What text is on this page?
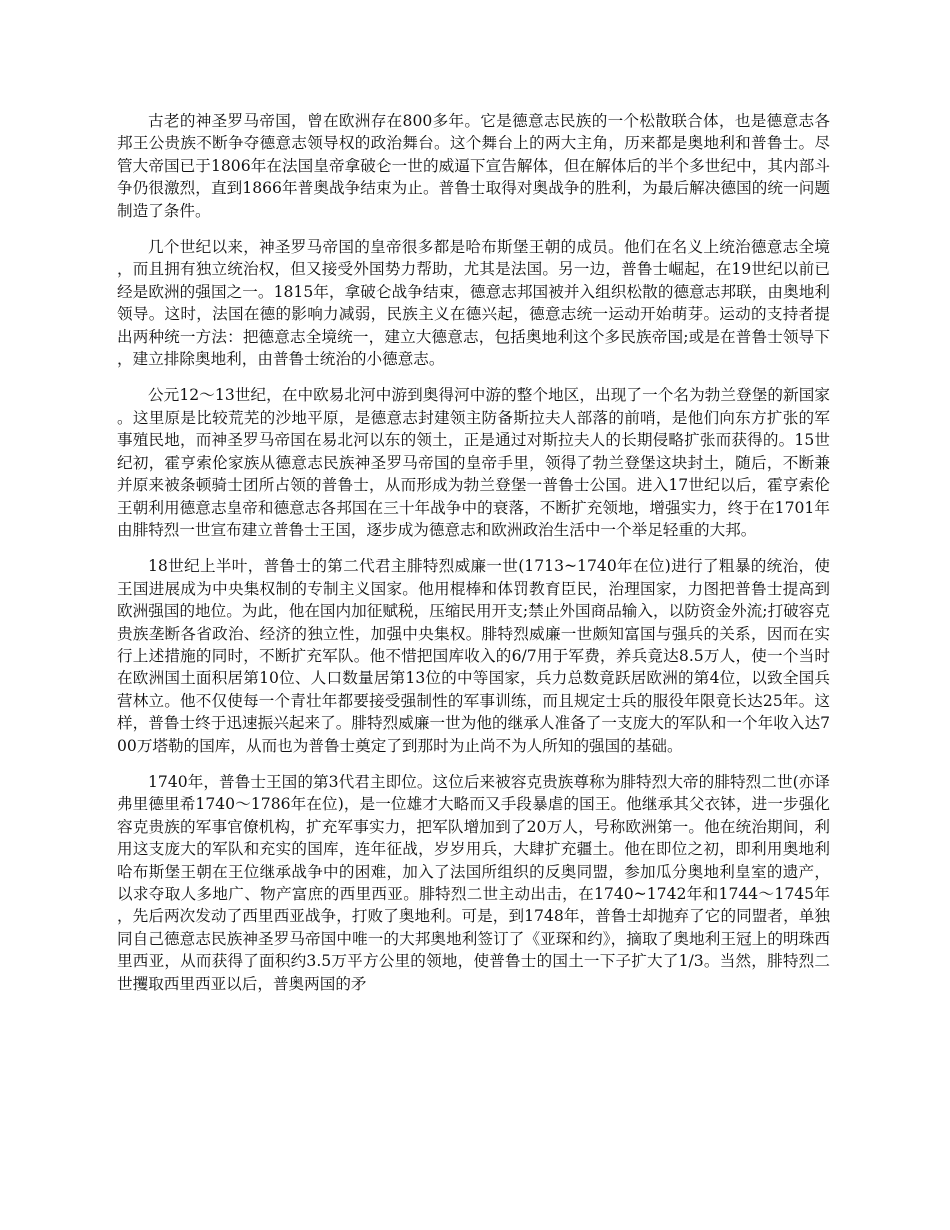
古老的神圣罗马帝国，曾在欧洲存在800多年。它是德意志民族的一个松散联合体，也是德意志各邦王公贵族不断争夺德意志领导权的政治舞台。这个舞台上的两大主角，历来都是奥地利和普鲁士。尽管大帝国已于1806年在法国皇帝拿破仑一世的威逼下宣告解体，但在解体后的半个多世纪中，其内部斗争仍很激烈，直到1866年普奥战争结束为止。普鲁士取得对奥战争的胜利，为最后解决德国的统一问题制造了条件。

几个世纪以来，神圣罗马帝国的皇帝很多都是哈布斯堡王朝的成员。他们在名义上统治德意志全境，而且拥有独立统治权，但又接受外国势力帮助，尤其是法国。另一边，普鲁士崛起，在19世纪以前已经是欧洲的强国之一。1815年，拿破仑战争结束，德意志邦国被并入组织松散的德意志邦联，由奥地利领导。这时，法国在德的影响力减弱，民族主义在德兴起，德意志统一运动开始萌芽。运动的支持者提出两种统一方法：把德意志全境统一，建立大德意志，包括奥地利这个多民族帝国;或是在普鲁士领导下，建立排除奥地利，由普鲁士统治的小德意志。

公元12～13世纪，在中欧易北河中游到奥得河中游的整个地区，出现了一个名为勃兰登堡的新国家。这里原是比较荒芜的沙地平原，是德意志封建领主防备斯拉夫人部落的前哨，是他们向东方扩张的军事殖民地，而神圣罗马帝国在易北河以东的领土，正是通过对斯拉夫人的长期侵略扩张而获得的。15世纪初，霍亨索伦家族从德意志民族神圣罗马帝国的皇帝手里，领得了勃兰登堡这块封土，随后，不断兼并原来被条顿骑士团所占领的普鲁士，从而形成为勃兰登堡一普鲁士公国。进入17世纪以后，霍亨索伦王朝利用德意志皇帝和德意志各邦国在三十年战争中的衰落，不断扩充领地，增强实力，终于在1701年由腓特烈一世宣布建立普鲁士王国，逐步成为德意志和欧洲政治生活中一个举足轻重的大邦。

18世纪上半叶，普鲁士的第二代君主腓特烈威廉一世(1713~1740年在位)进行了粗暴的统治，使王国进展成为中央集权制的专制主义国家。他用棍棒和体罚教育臣民，治理国家，力图把普鲁士提高到欧洲强国的地位。为此，他在国内加征赋税，压缩民用开支;禁止外国商品输入，以防资金外流;打破容克贵族垄断各省政治、经济的独立性，加强中央集权。腓特烈威廉一世颇知富国与强兵的关系，因而在实行上述措施的同时，不断扩充军队。他不惜把国库收入的6/7用于军费，养兵竟达8.5万人，使一个当时在欧洲国土面积居第10位、人口数量居第13位的中等国家，兵力总数竟跃居欧洲的第4位，以致全国兵营林立。他不仅使每一个青壮年都要接受强制性的军事训练，而且规定士兵的服役年限竟长达25年。这样，普鲁士终于迅速振兴起来了。腓特烈威廉一世为他的继承人准备了一支庞大的军队和一个年收入达700万塔勒的国库，从而也为普鲁士奠定了到那时为止尚不为人所知的强国的基础。

1740年，普鲁士王国的第3代君主即位。这位后来被容克贵族尊称为腓特烈大帝的腓特烈二世(亦译弗里德里希1740～1786年在位)，是一位雄才大略而又手段暴虐的国王。他继承其父衣钵，进一步强化容克贵族的军事官僚机构，扩充军事实力，把军队增加到了20万人，号称欧洲第一。他在统治期间，利用这支庞大的军队和充实的国库，连年征战，岁岁用兵，大肆扩充疆土。他在即位之初，即利用奥地利哈布斯堡王朝在王位继承战争中的困难，加入了法国所组织的反奥同盟，参加瓜分奥地利皇室的遗产，以求夺取人多地广、物产富庶的西里西亚。腓特烈二世主动出击，在1740~1742年和1744～1745年，先后两次发动了西里西亚战争，打败了奥地利。可是，到1748年，普鲁士却抛弃了它的同盟者，单独同自己德意志民族神圣罗马帝国中唯一的大邦奥地利签订了《亚琛和约》，摘取了奥地利王冠上的明珠西里西亚，从而获得了面积约3.5万平方公里的领地，使普鲁士的国土一下子扩大了1/3。当然，腓特烈二世攫取西里西亚以后，普奥两国的矛
